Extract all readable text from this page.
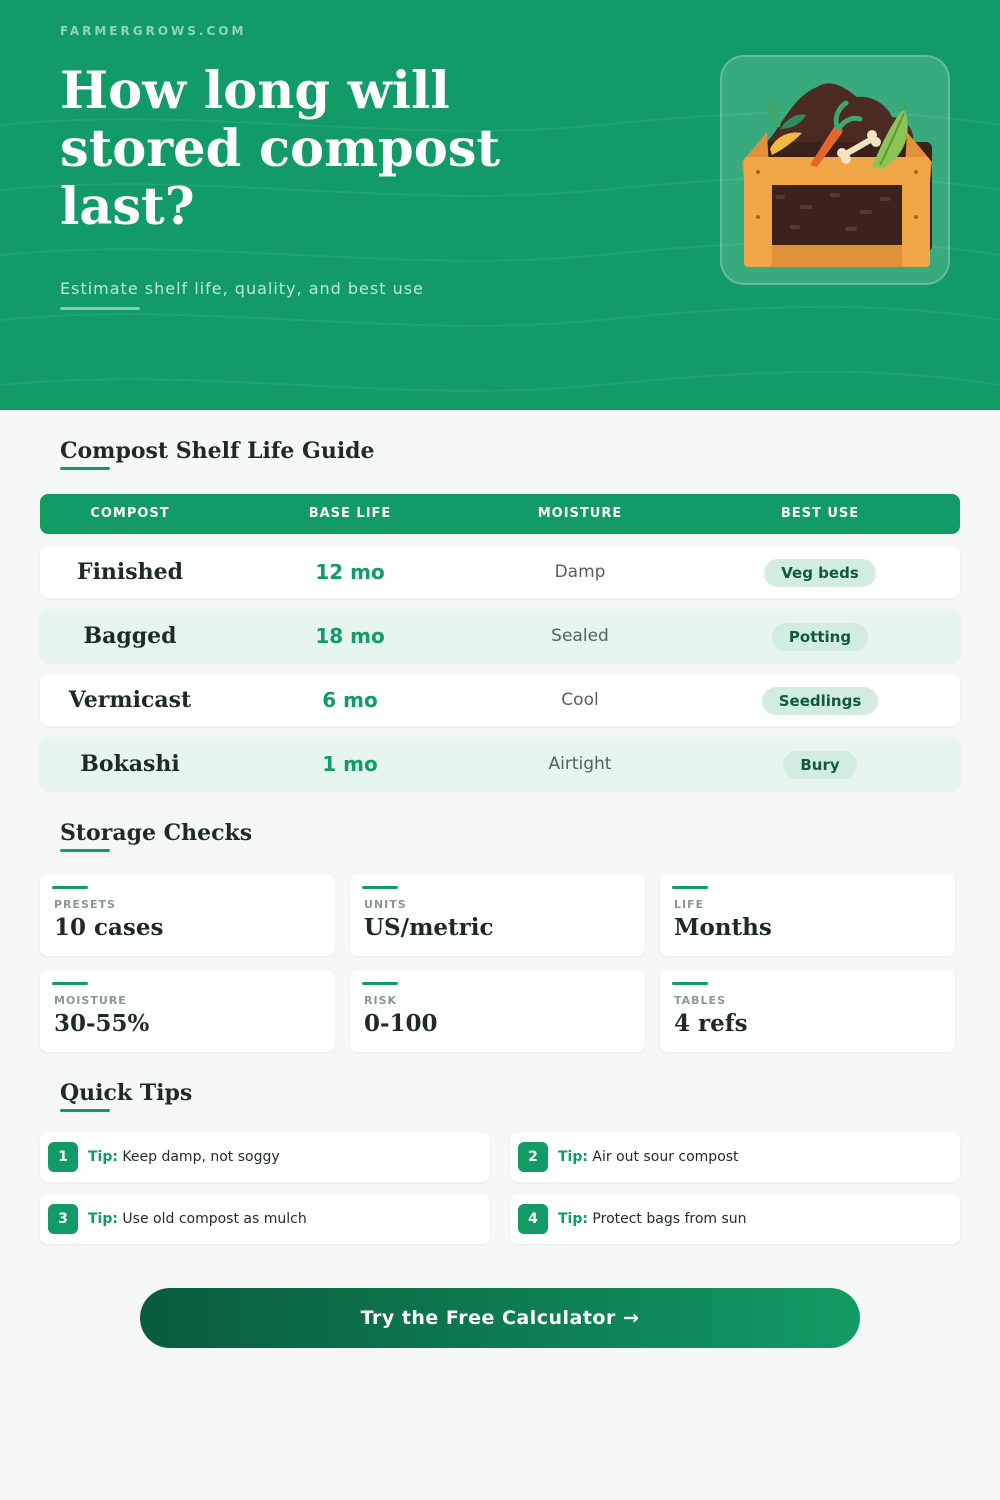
FARMERGROWS.COM
How long will stored compost last?
Estimate shelf life, quality, and best use
Compost Shelf Life Guide
COMPOST	BASE LIFE	MOISTURE	BEST USE
Finished	12 mo	Damp	Veg beds
Bagged	18 mo	Sealed	Potting
Vermicast	6 mo	Cool	Seedlings
Bokashi	1 mo	Airtight	Bury
Storage Checks
PRESETS
10 cases
UNITS
US/metric
LIFE
Months
MOISTURE
30-55%
RISK
0-100
TABLES
4 refs
Quick Tips
1	Tip: Keep damp, not soggy	2	Tip: Air out sour compost
3	Tip: Use old compost as mulch	4	Tip: Protect bags from sun
Try the Free Calculator →
